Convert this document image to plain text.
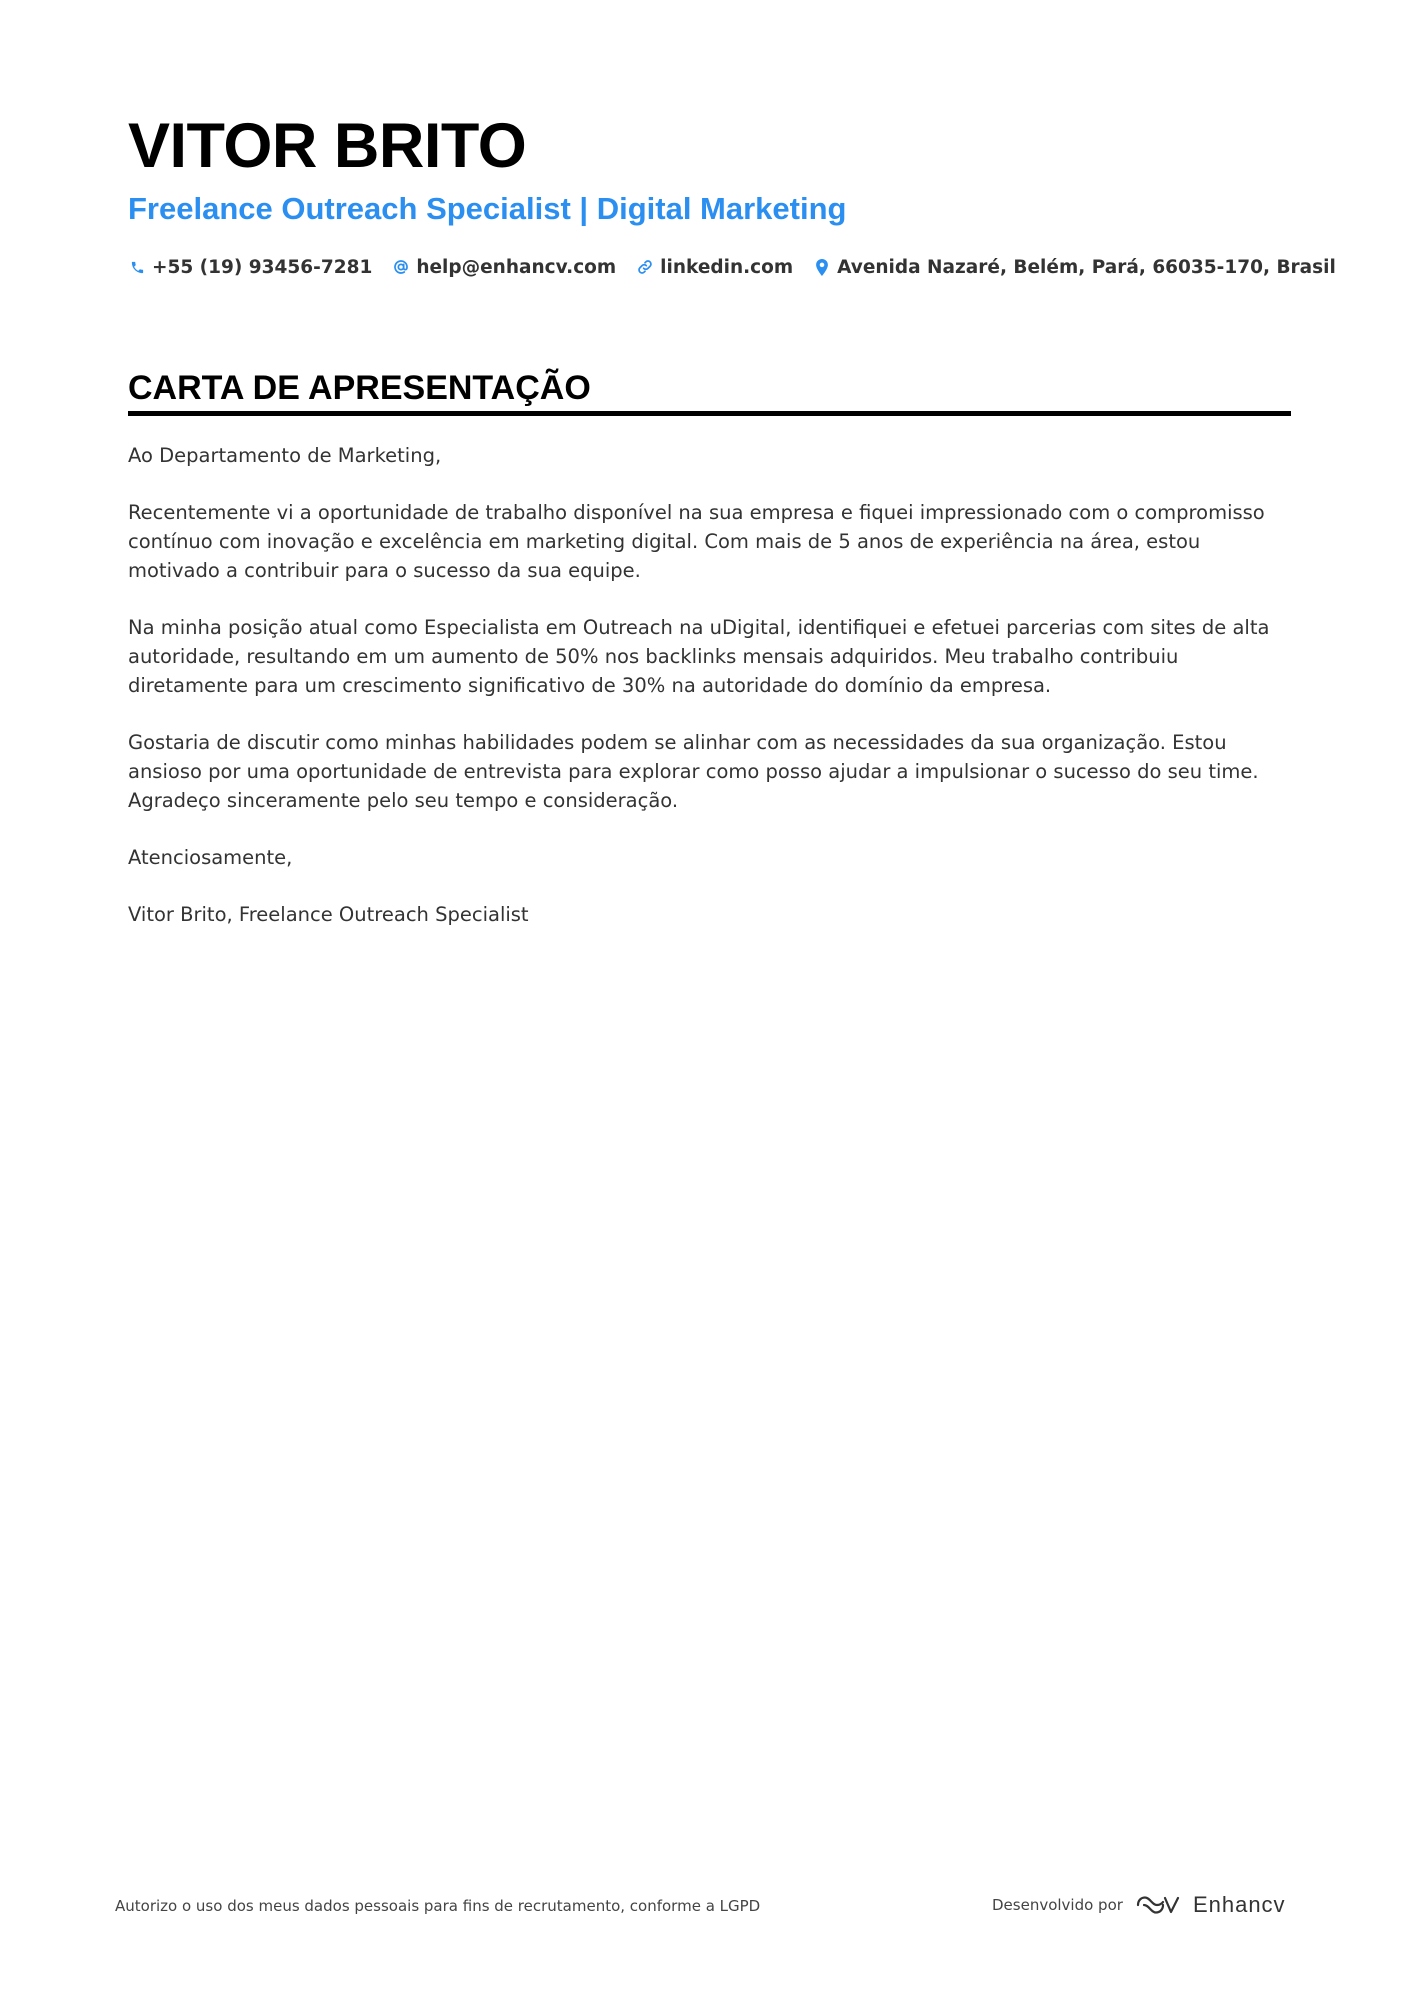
VITOR BRITO
Freelance Outreach Specialist | Digital Marketing
+55 (19) 93456-7281 help@enhancv.com linkedin.com Avenida Nazaré, Belém, Pará, 66035-170, Brasil
CARTA DE APRESENTAÇÃO

Ao Departamento de Marketing,

Recentemente vi a oportunidade de trabalho disponível na sua empresa e fiquei impressionado com o compromisso contínuo com inovação e excelência em marketing digital. Com mais de 5 anos de experiência na área, estou motivado a contribuir para o sucesso da sua equipe.

Na minha posição atual como Especialista em Outreach na uDigital, identifiquei e efetuei parcerias com sites de alta autoridade, resultando em um aumento de 50% nos backlinks mensais adquiridos. Meu trabalho contribuiu diretamente para um crescimento significativo de 30% na autoridade do domínio da empresa.

Gostaria de discutir como minhas habilidades podem se alinhar com as necessidades da sua organização. Estou ansioso por uma oportunidade de entrevista para explorar como posso ajudar a impulsionar o sucesso do seu time. Agradeço sinceramente pelo seu tempo e consideração.

Atenciosamente,

Vitor Brito, Freelance Outreach Specialist

Autorizo o uso dos meus dados pessoais para fins de recrutamento, conforme a LGPD	Desenvolvido por	Enhancv
